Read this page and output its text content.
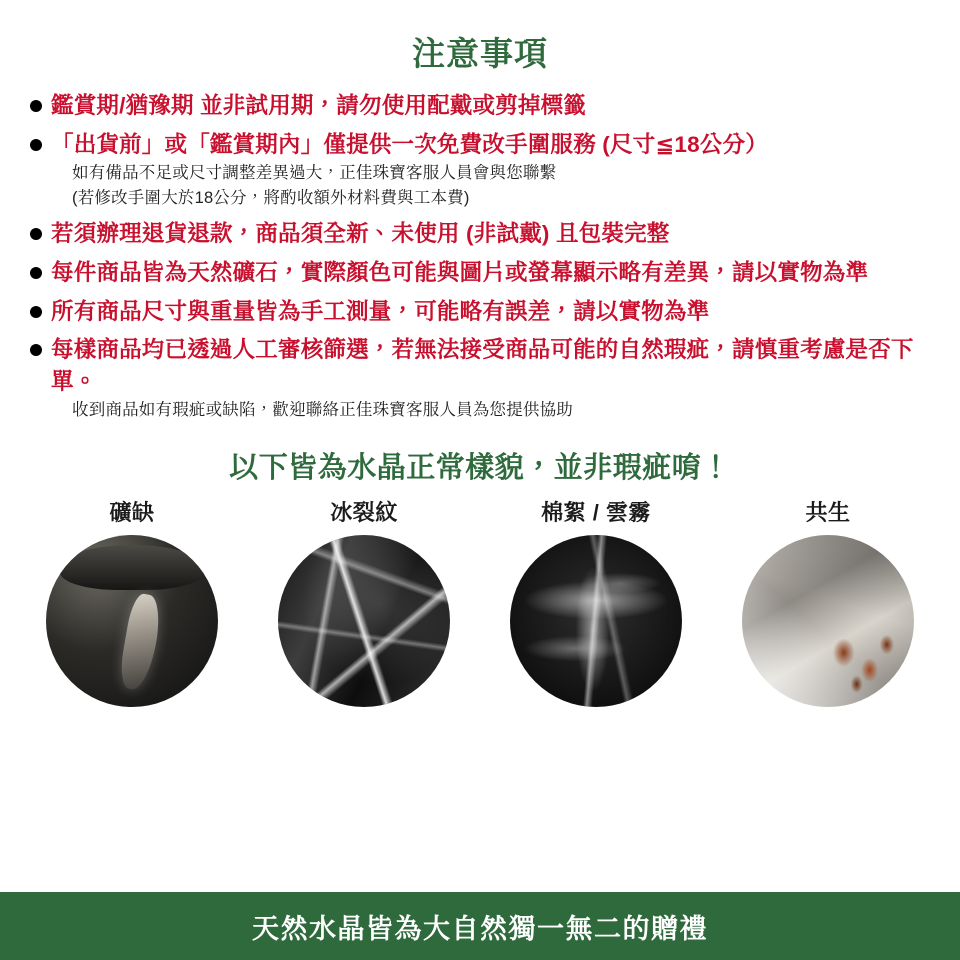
注意事項
鑑賞期/猶豫期 並非試用期，請勿使用配戴或剪掉標籤
「出貨前」或「鑑賞期內」僅提供一次免費改手圍服務 (尺寸≦18公分）
如有備品不足或尺寸調整差異過大，正佳珠寶客服人員會與您聯繫
(若修改手圍大於18公分，將酌收額外材料費與工本費)
若須辦理退貨退款，商品須全新、未使用 (非試戴) 且包裝完整
每件商品皆為天然礦石，實際顏色可能與圖片或螢幕顯示略有差異，請以實物為準
所有商品尺寸與重量皆為手工測量，可能略有誤差，請以實物為準
每樣商品均已透過人工審核篩選，若無法接受商品可能的自然瑕疵，請慎重考慮是否下單。
收到商品如有瑕疵或缺陷，歡迎聯絡正佳珠寶客服人員為您提供協助
以下皆為水晶正常樣貌，並非瑕疵唷！
礦缺	冰裂紋	棉絮 / 雲霧	共生
天然水晶皆為大自然獨一無二的贈禮
